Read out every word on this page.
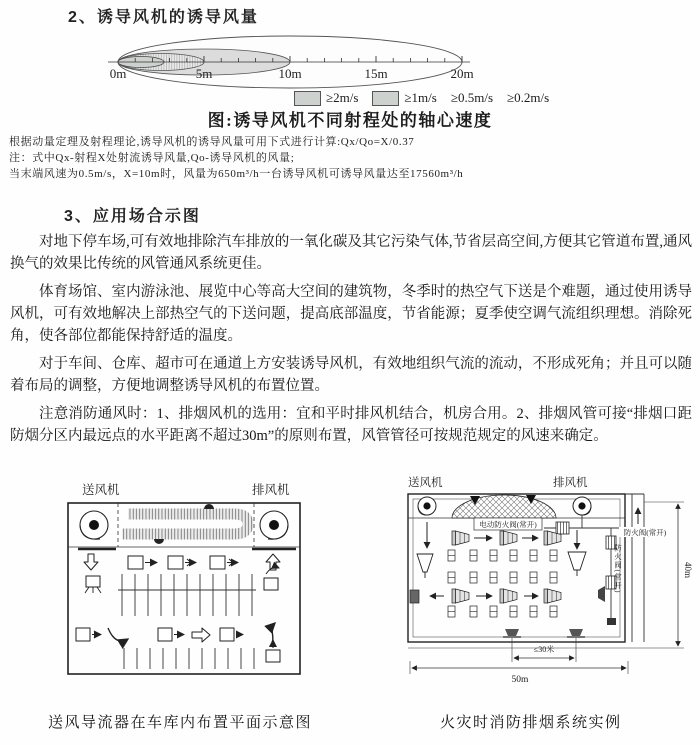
2、诱导风机的诱导风量
0m	5m	10m	15m	20m
≥2m/s	≥1m/s ≥0.5m/s ≥0.2m/s
图:诱导风机不同射程处的轴心速度
根据动量定理及射程理论,诱导风机的诱导风量可用下式进行计算:Qx/Qo=X/0.37
注：式中Qx-射程X处射流诱导风量,Qo-诱导风机的风量;
当末端风速为0.5m/s，X=10m时，风量为650m³/h一台诱导风机可诱导风量达至17560m³/h
3、应用场合示图

对地下停车场,可有效地排除汽车排放的一氧化碳及其它污染气体,节省层高空间,方便其它管道布置,通风换气的效果比传统的风管通风系统更佳。

体育场馆、室内游泳池、展览中心等高大空间的建筑物，冬季时的热空气下送是个难题，通过使用诱导风机，可有效地解决上部热空气的下送问题，提高底部温度，节省能源；夏季使空调气流组织理想。消除死角，使各部位都能保持舒适的温度。

对于车间、仓库、超市可在通道上方安装诱导风机，有效地组织气流的流动，不形成死角；并且可以随着布局的调整，方便地调整诱导风机的布置位置。

注意消防通风时：1、排烟风机的选用：宜和平时排风机结合，机房合用。2、排烟风管可接“排烟口距防烟分区内最远点的水平距离不超过30m”的原则布置，风管管径可按规范规定的风速来确定。

送风机	排风机	送风机	排风机
电动防火阀(常开)
防火阀(常开)
≤30米
50m
防火阀(常开)	40m
送风导流器在车库内布置平面示意图	火灾时消防排烟系统实例
